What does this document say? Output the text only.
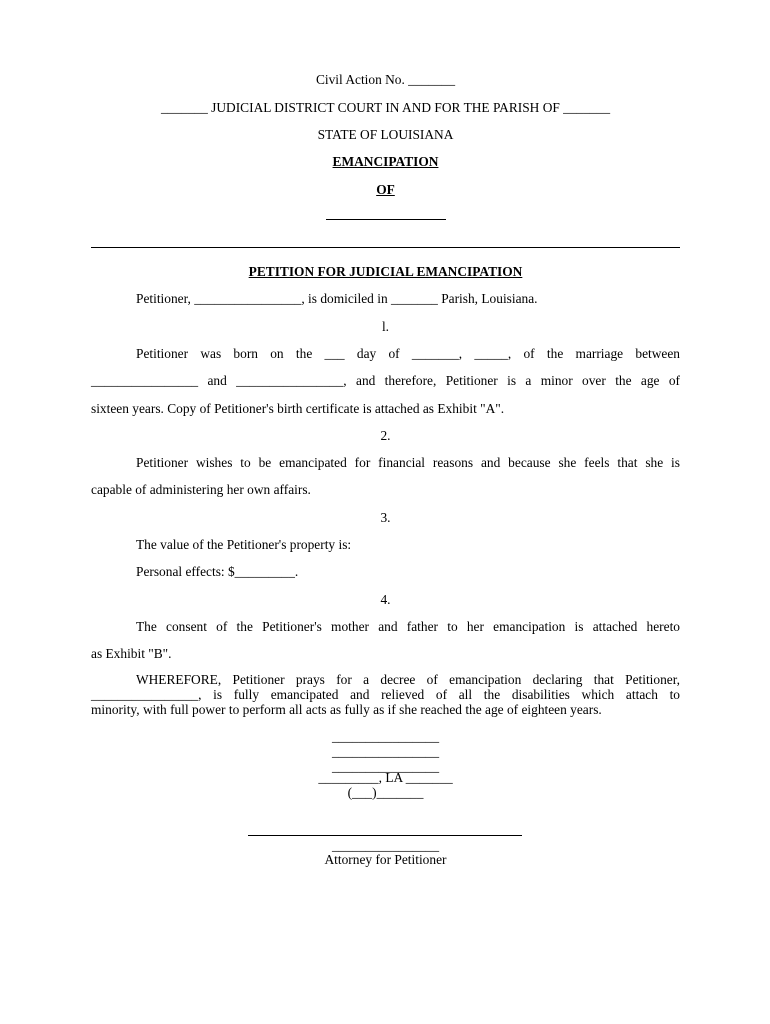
Civil Action No. _______
_______ JUDICIAL DISTRICT COURT IN AND FOR THE PARISH OF _______
STATE OF LOUISIANA
EMANCIPATION
OF
PETITION FOR JUDICIAL EMANCIPATION
Petitioner, ________________, is domiciled in _______ Parish, Louisiana.
l.
Petitioner was born on the ___ day of _______, _____, of the marriage between
________________ and ________________, and therefore, Petitioner is a minor over the age of
sixteen years. Copy of Petitioner's birth certificate is attached as Exhibit "A".
2.
Petitioner wishes to be emancipated for financial reasons and because she feels that she is
capable of administering her own affairs.
3.
The value of the Petitioner's property is:
Personal effects: $_________.
4.
The consent of the Petitioner's mother and father to her emancipation is attached hereto
as Exhibit "B".
WHEREFORE, Petitioner prays for a decree of emancipation declaring that Petitioner,
________________, is fully emancipated and relieved of all the disabilities which attach to
minority, with full power to perform all acts as fully as if she reached the age of eighteen years.
________________
________________
________________
_________, LA _______
(___)_______
________________
Attorney for Petitioner
